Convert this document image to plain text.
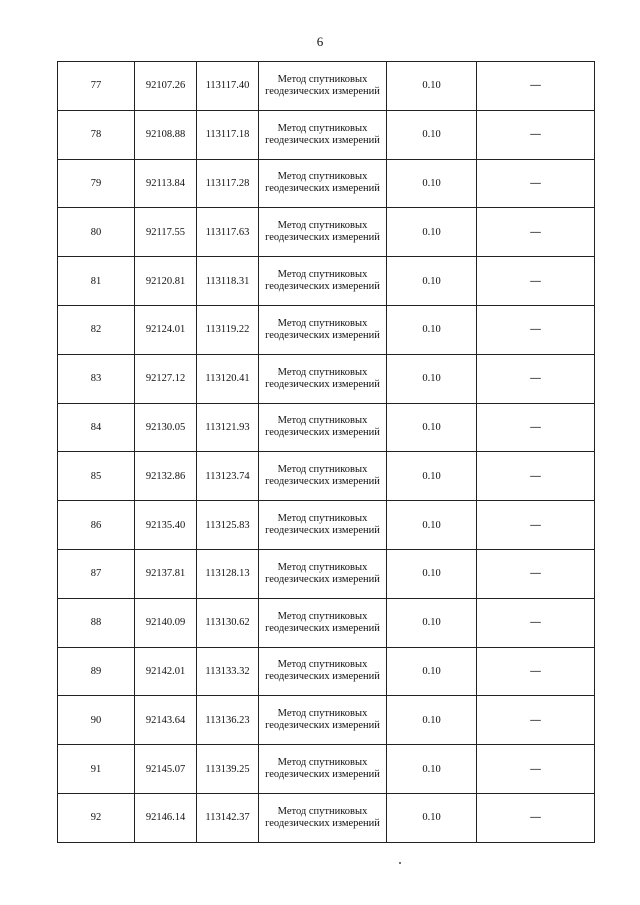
6
77	92107.26	113117.40	Метод спутниковых
геодезических измерений	0.10	—
78	92108.88	113117.18	Метод спутниковых
геодезических измерений	0.10	—
79	92113.84	113117.28	Метод спутниковых
геодезических измерений	0.10	—
80	92117.55	113117.63	Метод спутниковых
геодезических измерений	0.10	—
81	92120.81	113118.31	Метод спутниковых
геодезических измерений	0.10	—
82	92124.01	113119.22	Метод спутниковых
геодезических измерений	0.10	—
83	92127.12	113120.41	Метод спутниковых
геодезических измерений	0.10	—
84	92130.05	113121.93	Метод спутниковых
геодезических измерений	0.10	—
85	92132.86	113123.74	Метод спутниковых
геодезических измерений	0.10	—
86	92135.40	113125.83	Метод спутниковых
геодезических измерений	0.10	—
87	92137.81	113128.13	Метод спутниковых
геодезических измерений	0.10	—
88	92140.09	113130.62	Метод спутниковых
геодезических измерений	0.10	—
89	92142.01	113133.32	Метод спутниковых
геодезических измерений	0.10	—
90	92143.64	113136.23	Метод спутниковых
геодезических измерений	0.10	—
91	92145.07	113139.25	Метод спутниковых
геодезических измерений	0.10	—
92	92146.14	113142.37	Метод спутниковых
геодезических измерений	0.10	—
